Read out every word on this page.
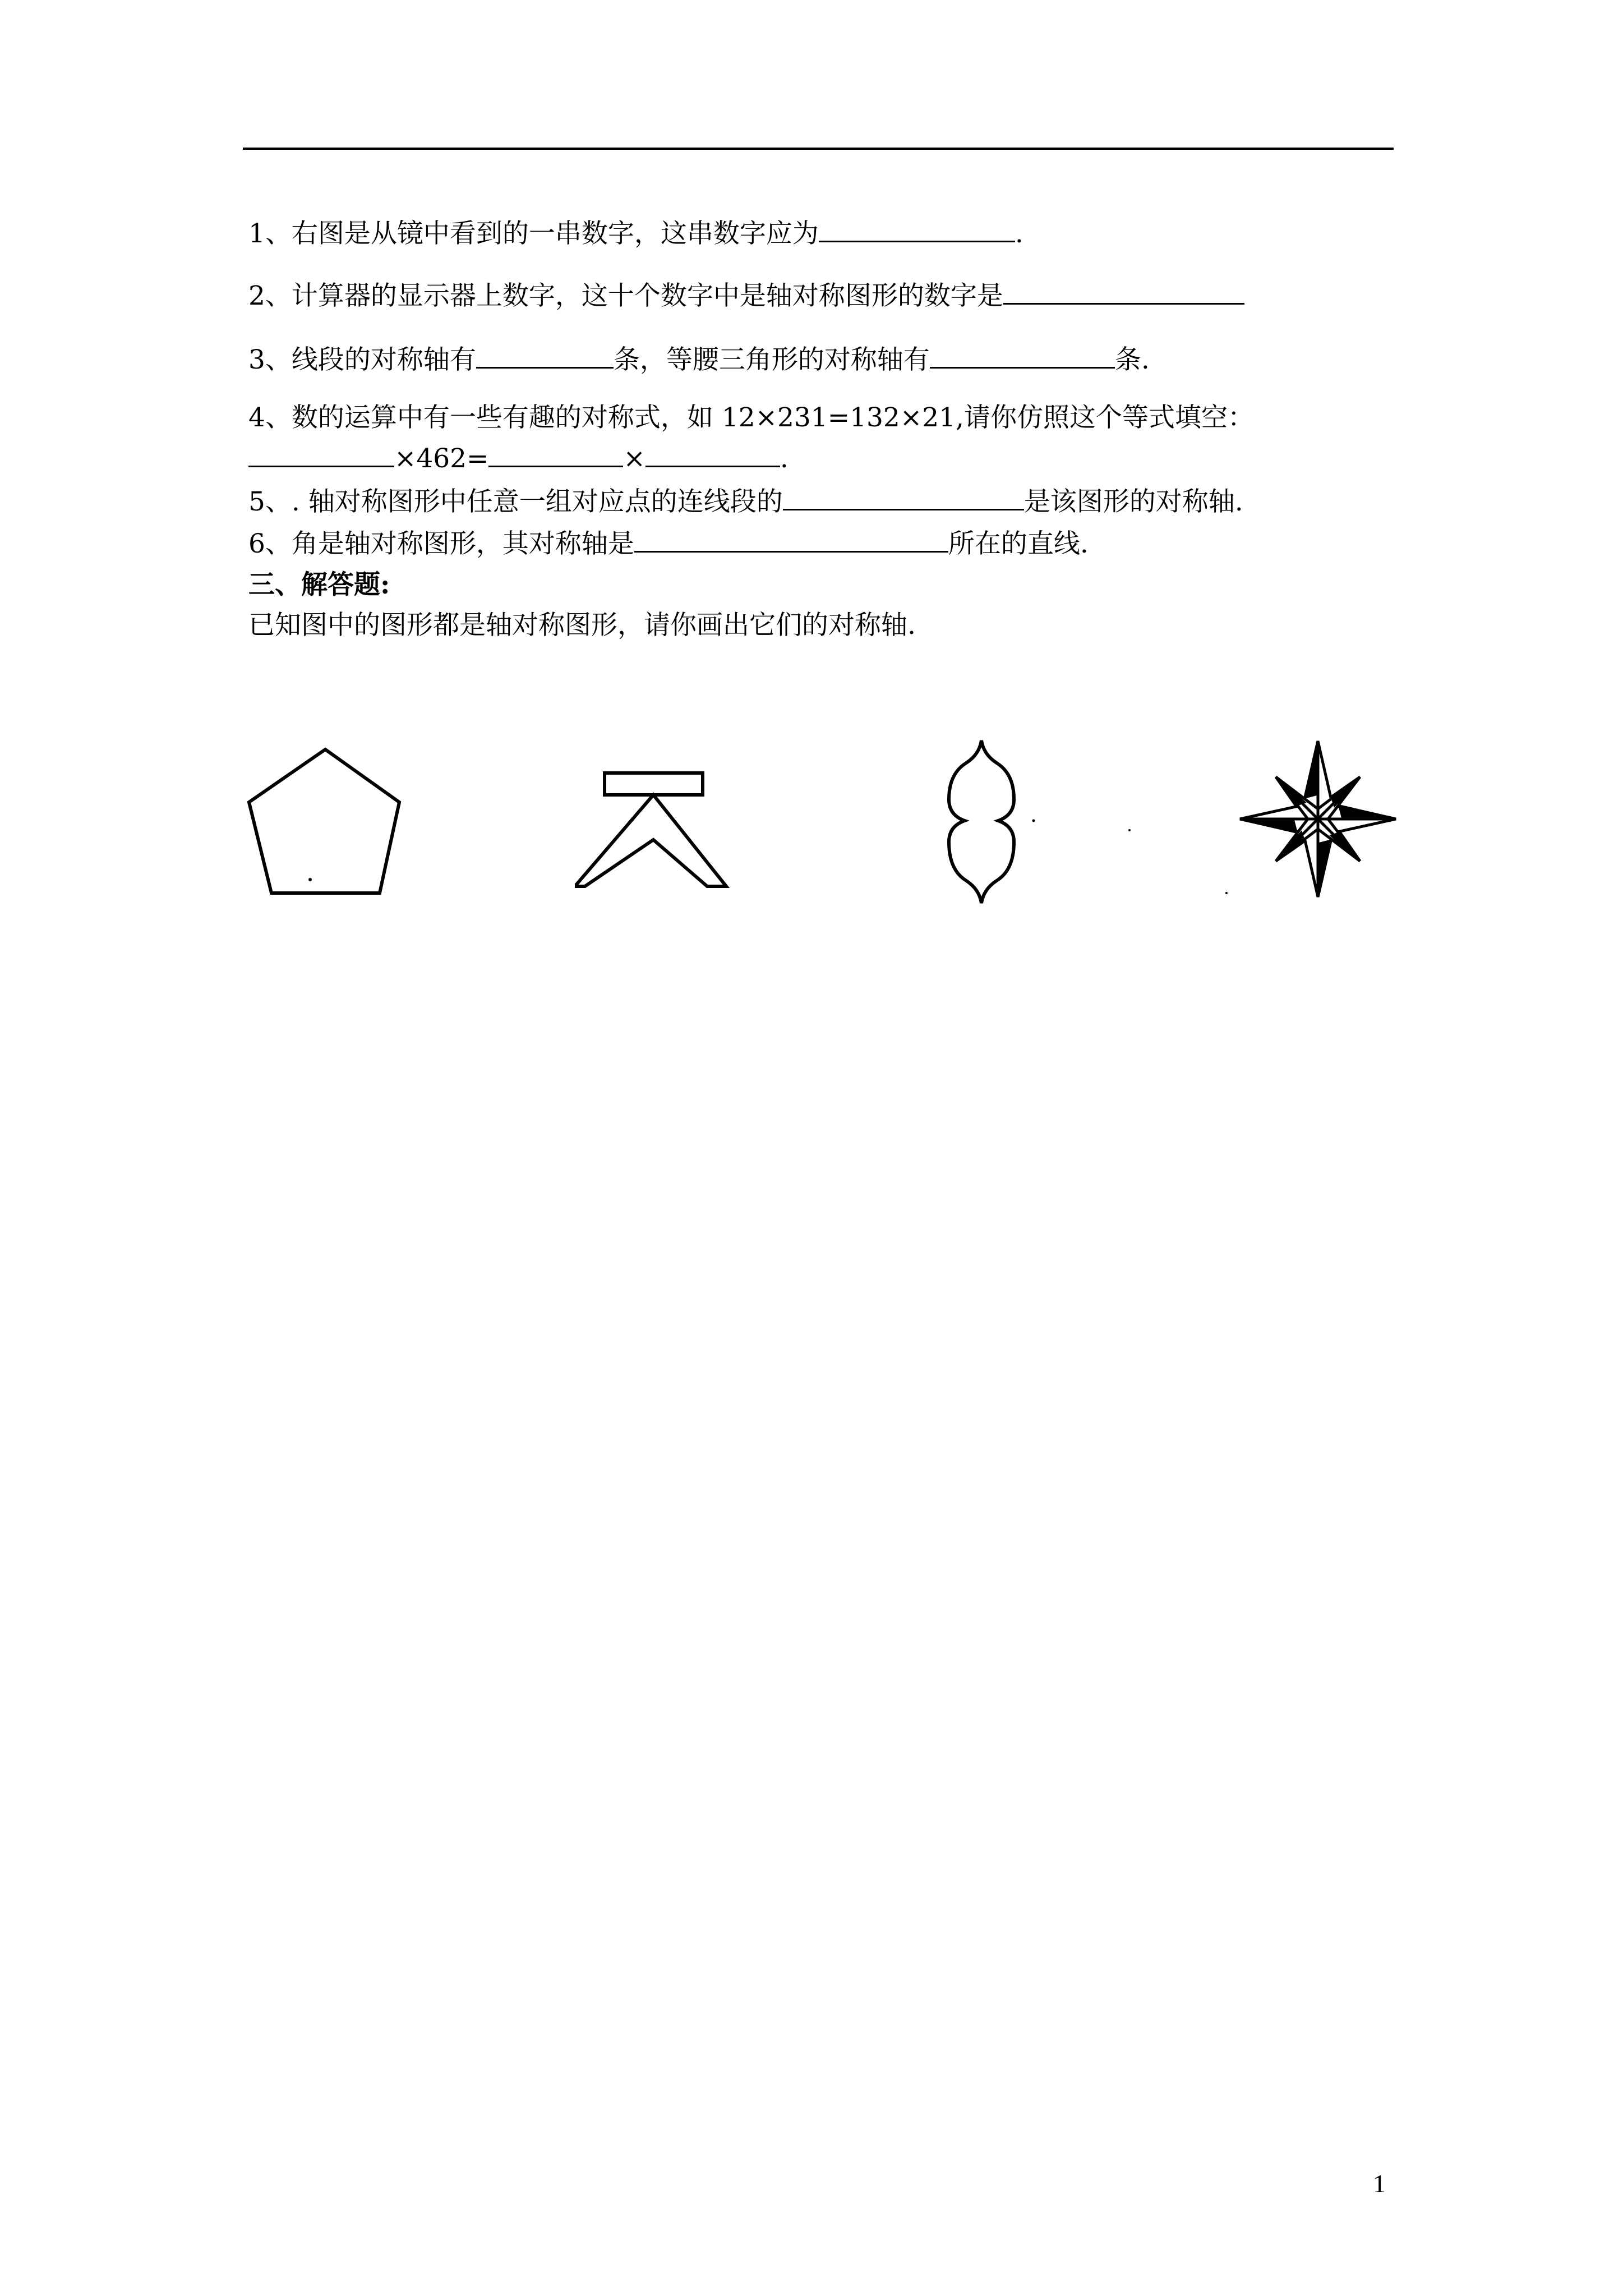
1、右图是从镜中看到的一串数字，这串数字应为	.
2、计算器的显示器上数字，这十个数字中是轴对称图形的数字是
3、线段的对称轴有	条，等腰三角形的对称轴有	条.
4、数的运算中有一些有趣的对称式，如 12×231=132×21,请你仿照这个等式填空：
×462=	×	.
5、. 轴对称图形中任意一组对应点的连线段的	是该图形的对称轴.
6、角是轴对称图形，其对称轴是	所在的直线.
三、解答题:
已知图中的图形都是轴对称图形，请你画出它们的对称轴.
1
